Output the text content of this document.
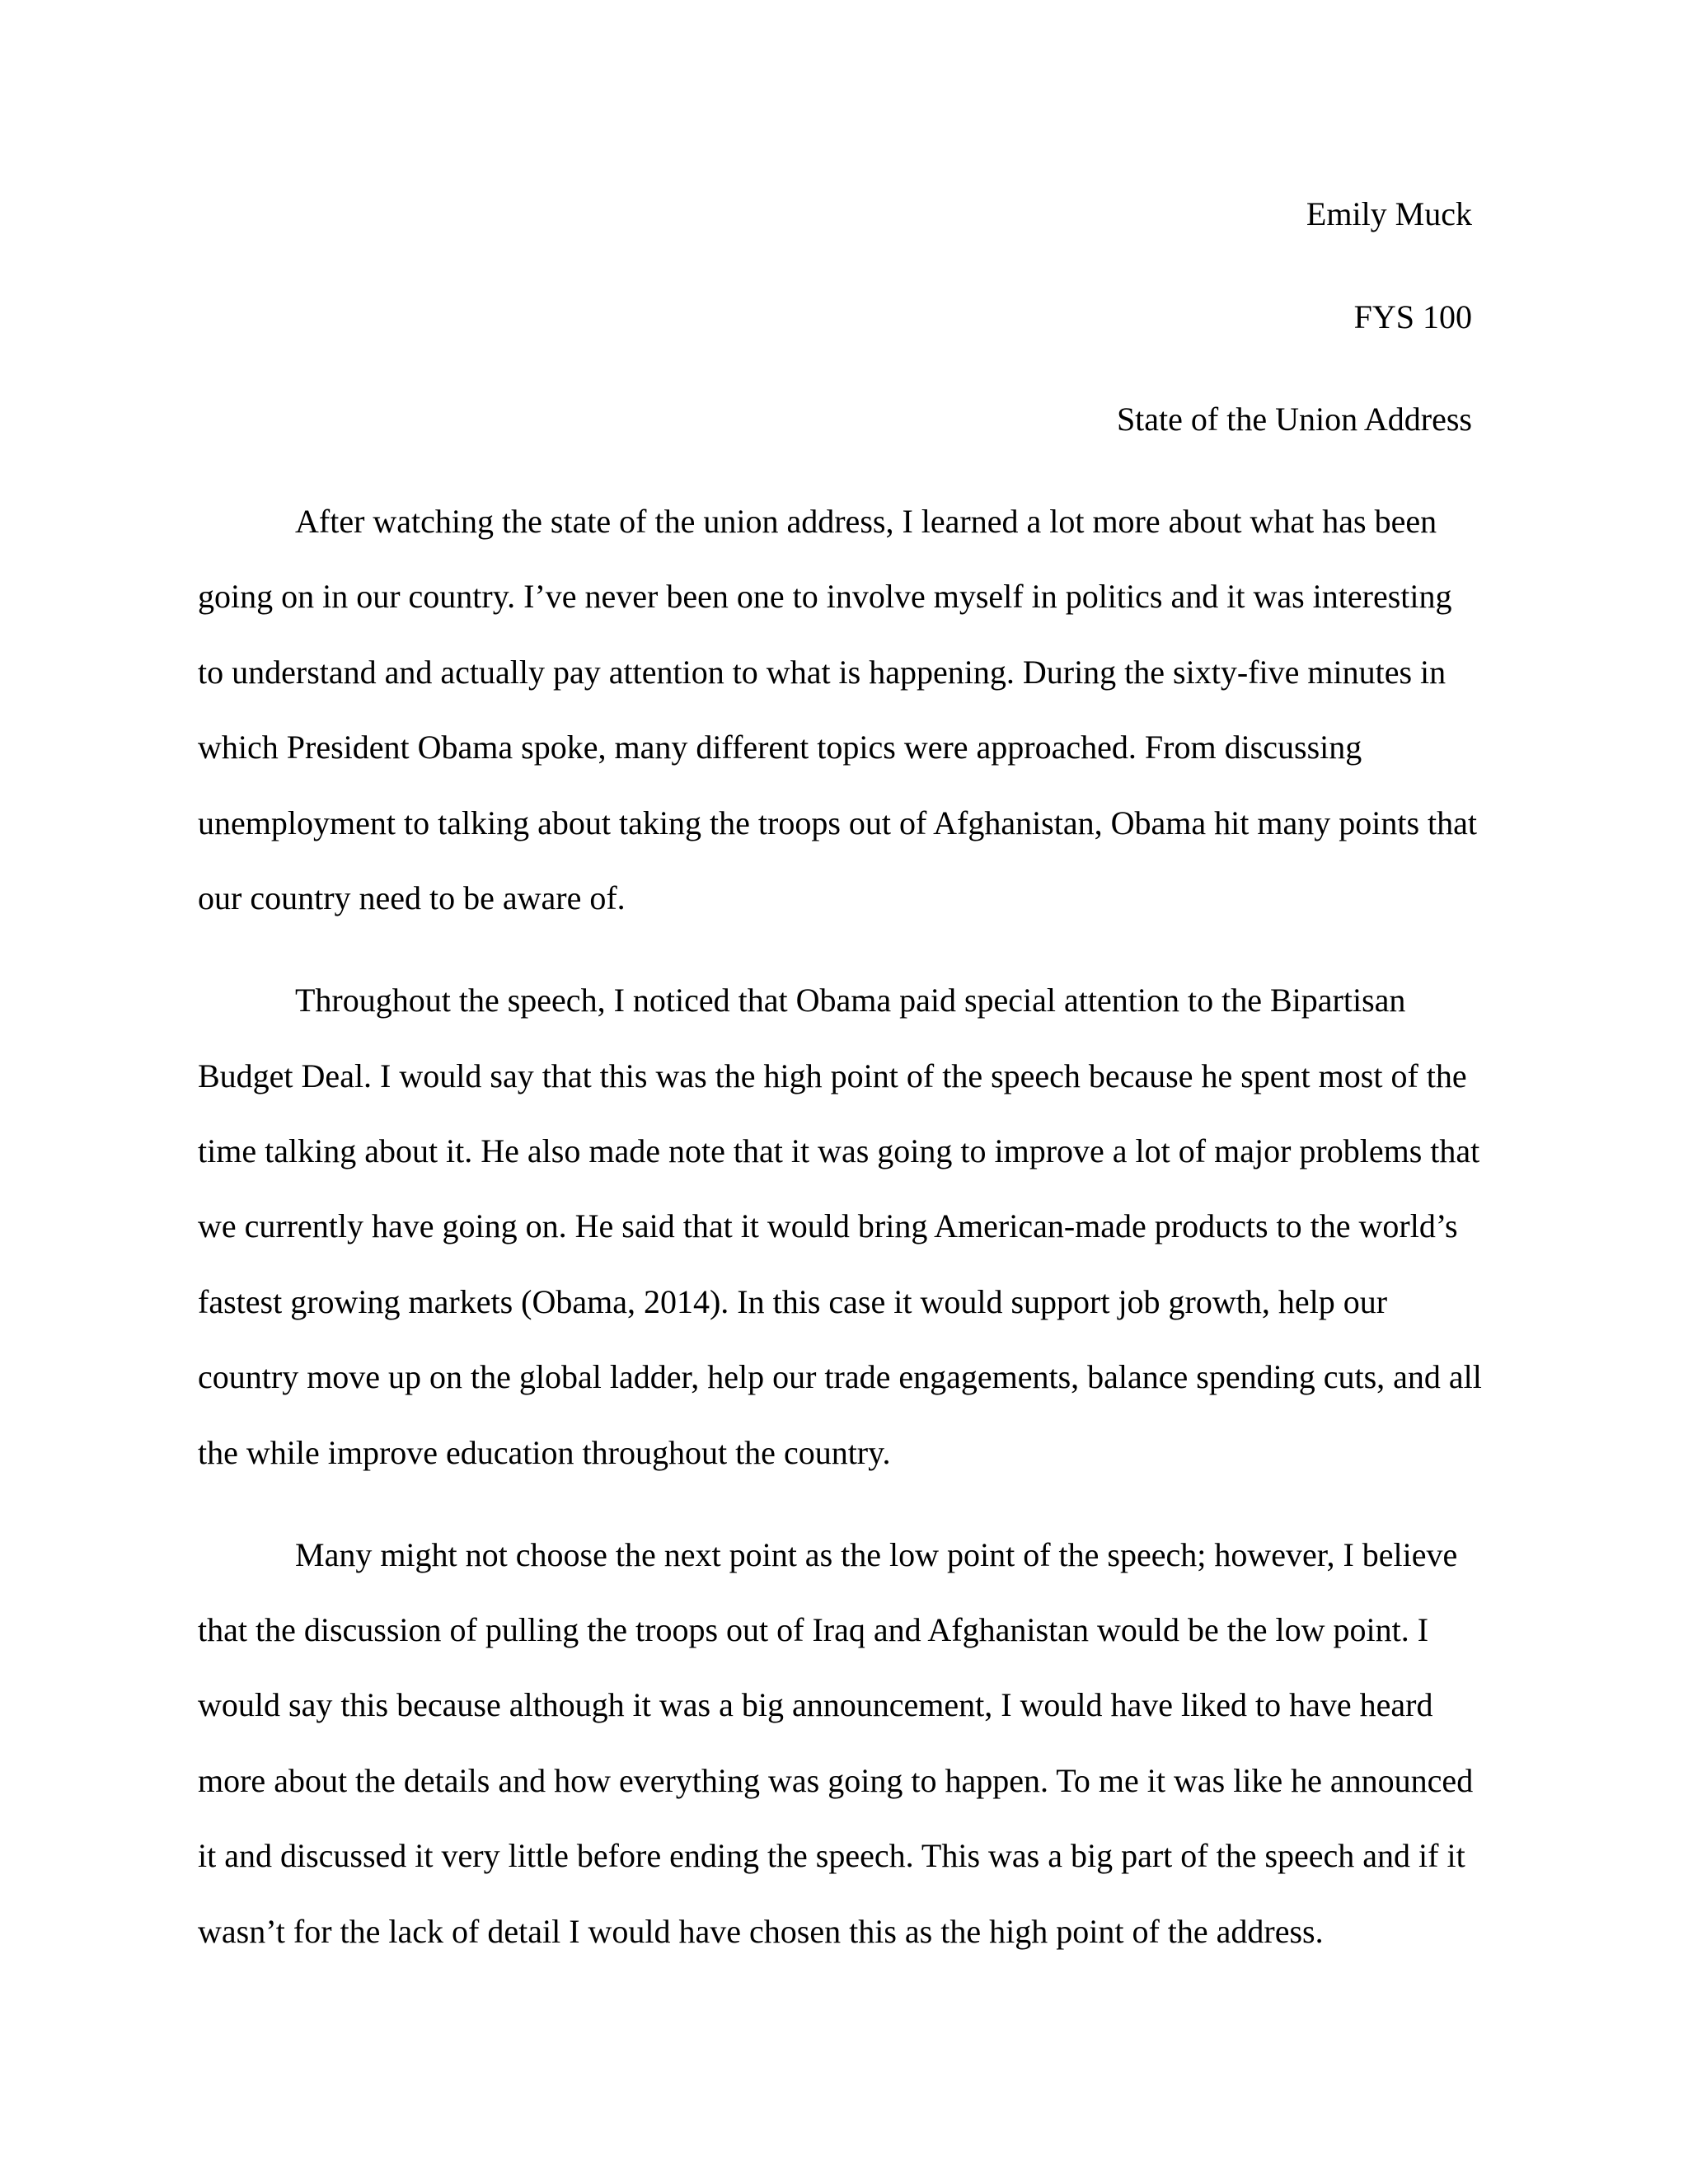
Emily Muck
FYS 100
State of the Union Address
After watching the state of the union address, I learned a lot more about what has been
going on in our country. I’ve never been one to involve myself in politics and it was interesting
to understand and actually pay attention to what is happening. During the sixty-five minutes in
which President Obama spoke, many different topics were approached. From discussing
unemployment to talking about taking the troops out of Afghanistan, Obama hit many points that
our country need to be aware of.
Throughout the speech, I noticed that Obama paid special attention to the Bipartisan
Budget Deal. I would say that this was the high point of the speech because he spent most of the
time talking about it. He also made note that it was going to improve a lot of major problems that
we currently have going on. He said that it would bring American-made products to the world’s
fastest growing markets (Obama, 2014). In this case it would support job growth, help our
country move up on the global ladder, help our trade engagements, balance spending cuts, and all
the while improve education throughout the country.
Many might not choose the next point as the low point of the speech; however, I believe
that the discussion of pulling the troops out of Iraq and Afghanistan would be the low point. I
would say this because although it was a big announcement, I would have liked to have heard
more about the details and how everything was going to happen. To me it was like he announced
it and discussed it very little before ending the speech. This was a big part of the speech and if it
wasn’t for the lack of detail I would have chosen this as the high point of the address.
